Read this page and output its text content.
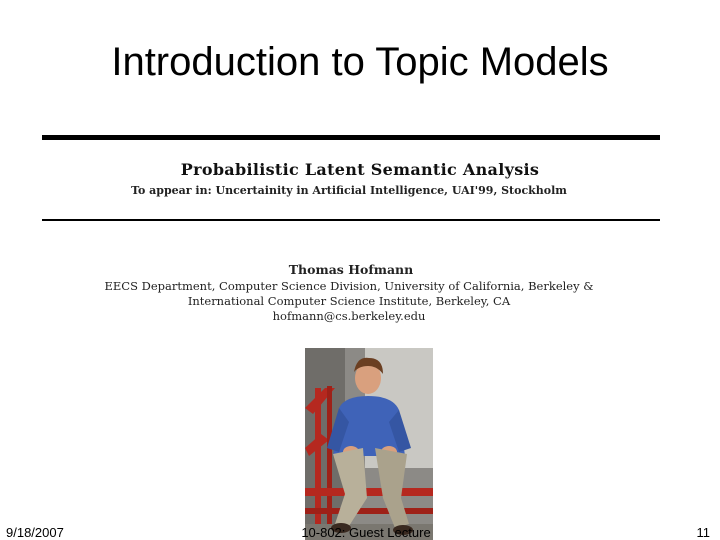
Introduction to Topic Models
Probabilistic Latent Semantic Analysis
To appear in: Uncertainity in Artificial Intelligence, UAI'99, Stockholm
Thomas Hofmann
EECS Department, Computer Science Division, University of California, Berkeley &
International Computer Science Institute, Berkeley, CA
hofmann@cs.berkeley.edu
9/18/2007	10-802: Guest Lecture	11
